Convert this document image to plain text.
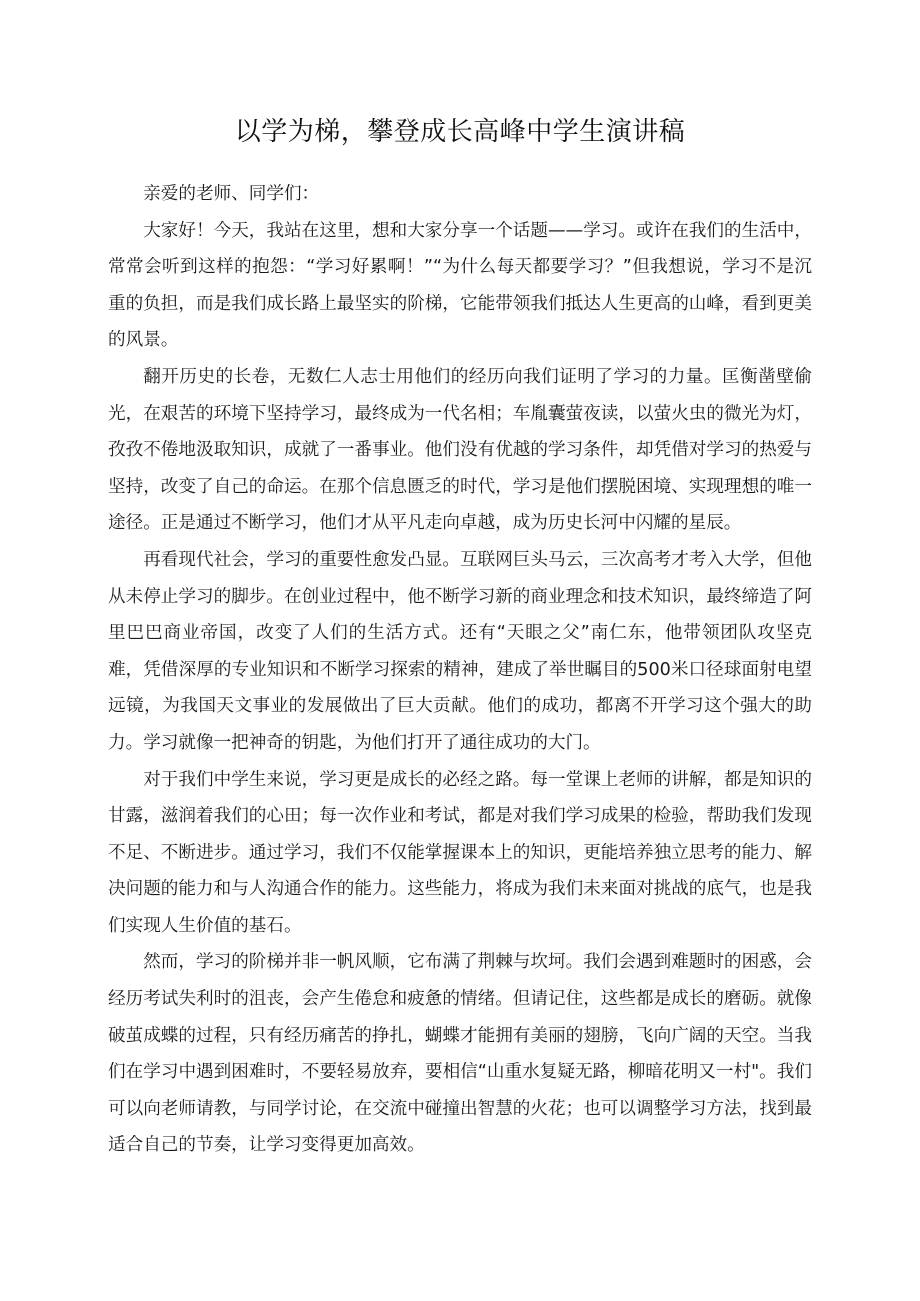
以学为梯，攀登成长高峰中学生演讲稿

亲爱的老师、同学们：

大家好！今天，我站在这里，想和大家分享一个话题——学习。或许在我们的生活中，常常会听到这样的抱怨：“学习好累啊！”“为什么每天都要学习？”但我想说，学习不是沉重的负担，而是我们成长路上最坚实的阶梯，它能带领我们抵达人生更高的山峰，看到更美的风景。

翻开历史的长卷，无数仁人志士用他们的经历向我们证明了学习的力量。匡衡凿壁偷光，在艰苦的环境下坚持学习，最终成为一代名相；车胤囊萤夜读，以萤火虫的微光为灯，孜孜不倦地汲取知识，成就了一番事业。他们没有优越的学习条件，却凭借对学习的热爱与坚持，改变了自己的命运。在那个信息匮乏的时代，学习是他们摆脱困境、实现理想的唯一途径。正是通过不断学习，他们才从平凡走向卓越，成为历史长河中闪耀的星辰。

再看现代社会，学习的重要性愈发凸显。互联网巨头马云，三次高考才考入大学，但他从未停止学习的脚步。在创业过程中，他不断学习新的商业理念和技术知识，最终缔造了阿里巴巴商业帝国，改变了人们的生活方式。还有“天眼之父”南仁东，他带领团队攻坚克难，凭借深厚的专业知识和不断学习探索的精神，建成了举世瞩目的500米口径球面射电望远镜，为我国天文事业的发展做出了巨大贡献。他们的成功，都离不开学习这个强大的助力。学习就像一把神奇的钥匙，为他们打开了通往成功的大门。

对于我们中学生来说，学习更是成长的必经之路。每一堂课上老师的讲解，都是知识的甘露，滋润着我们的心田；每一次作业和考试，都是对我们学习成果的检验，帮助我们发现不足、不断进步。通过学习，我们不仅能掌握课本上的知识，更能培养独立思考的能力、解决问题的能力和与人沟通合作的能力。这些能力，将成为我们未来面对挑战的底气，也是我们实现人生价值的基石。

然而，学习的阶梯并非一帆风顺，它布满了荆棘与坎坷。我们会遇到难题时的困惑，会经历考试失利时的沮丧，会产生倦怠和疲惫的情绪。但请记住，这些都是成长的磨砺。就像破茧成蝶的过程，只有经历痛苦的挣扎，蝴蝶才能拥有美丽的翅膀，飞向广阔的天空。当我们在学习中遇到困难时，不要轻易放弃，要相信“山重水复疑无路，柳暗花明又一村"。我们可以向老师请教，与同学讨论，在交流中碰撞出智慧的火花；也可以调整学习方法，找到最适合自己的节奏，让学习变得更加高效。
